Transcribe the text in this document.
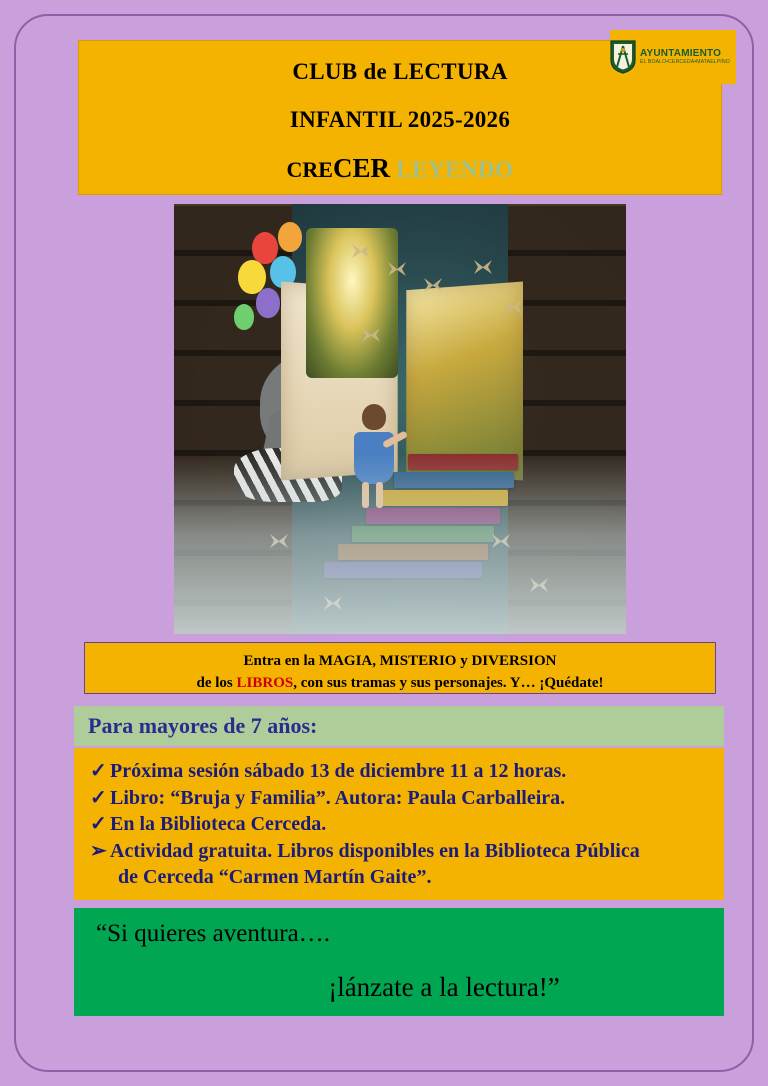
CLUB de LECTURA
INFANTIL 2025-2026
CRECER LEYENDO
AYUNTAMIENTO
EL BOALO•CERCEDA•MATAELPINO
Entra en la MAGIA, MISTERIO y DIVERSION
de los LIBROS, con sus tramas y sus personajes. Y… ¡Quédate!
Para mayores de 7 años:
✓ Próxima sesión sábado 13 de diciembre 11 a 12 horas.
✓ Libro: “Bruja y Familia”. Autora: Paula Carballeira.
✓ En la Biblioteca Cerceda.
➢ Actividad gratuita. Libros disponibles en la Biblioteca Pública
de Cerceda “Carmen Martín Gaite”.
“Si quieres aventura….
¡lánzate a la lectura!”
